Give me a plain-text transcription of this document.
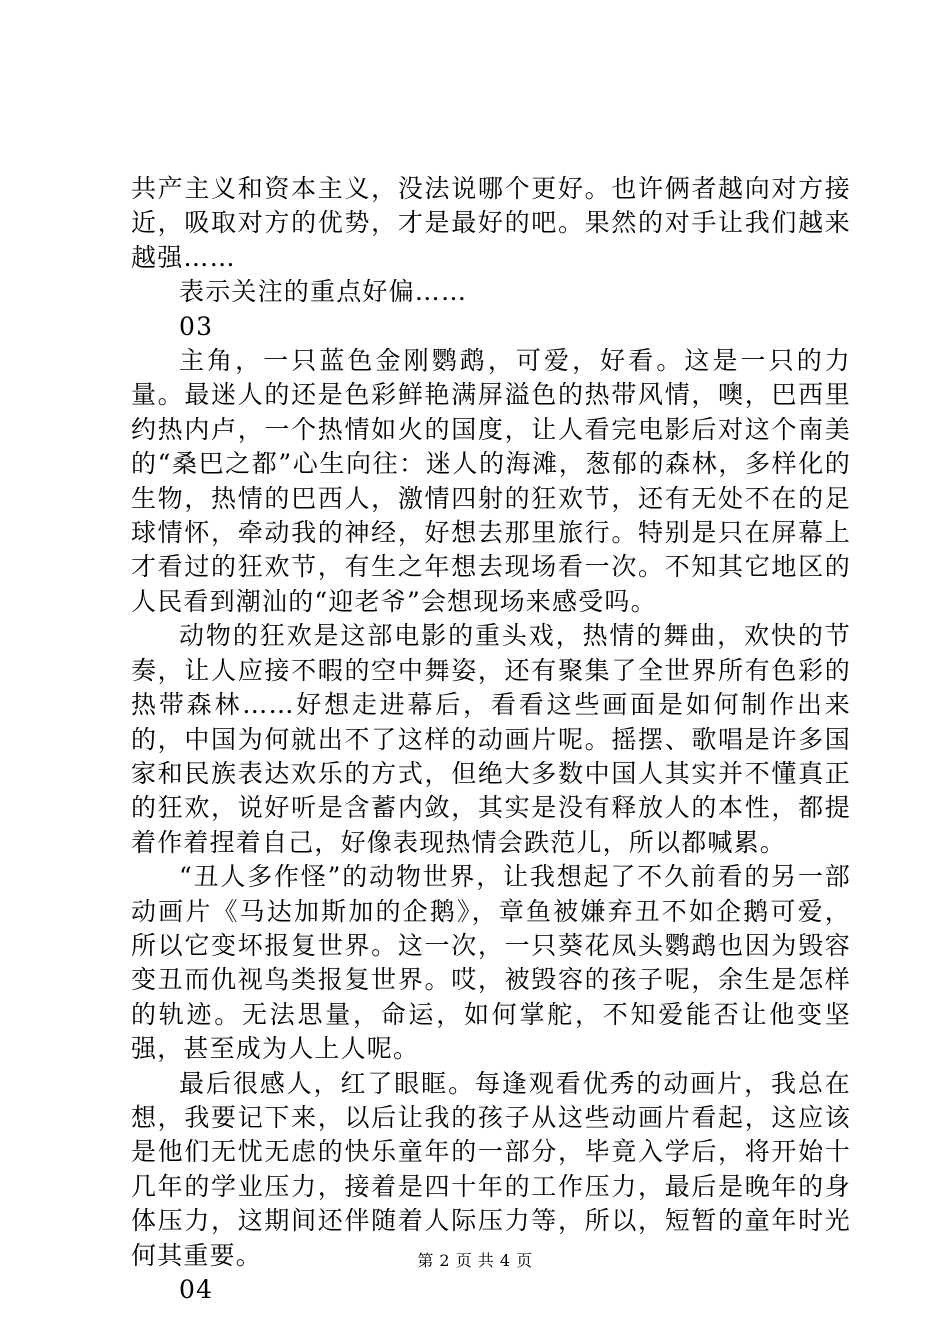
共产主义和资本主义，没法说哪个更好。也许俩者越向对方接近，吸取对方的优势，才是最好的吧。果然的对手让我们越来越强……

表示关注的重点好偏……

03

主角，一只蓝色金刚鹦鹉，可爱，好看。这是一只的力量。最迷人的还是色彩鲜艳满屏溢色的热带风情，噢，巴西里约热内卢，一个热情如火的国度，让人看完电影后对这个南美的“桑巴之都”心生向往：迷人的海滩，葱郁的森林，多样化的生物，热情的巴西人，激情四射的狂欢节，还有无处不在的足球情怀，牵动我的神经，好想去那里旅行。特别是只在屏幕上才看过的狂欢节，有生之年想去现场看一次。不知其它地区的人民看到潮汕的“迎老爷”会想现场来感受吗。

动物的狂欢是这部电影的重头戏，热情的舞曲，欢快的节奏，让人应接不暇的空中舞姿，还有聚集了全世界所有色彩的热带森林……好想走进幕后，看看这些画面是如何制作出来的，中国为何就出不了这样的动画片呢。摇摆、歌唱是许多国家和民族表达欢乐的方式，但绝大多数中国人其实并不懂真正的狂欢，说好听是含蓄内敛，其实是没有释放人的本性，都提着作着捏着自己，好像表现热情会跌范儿，所以都喊累。

“丑人多作怪”的动物世界，让我想起了不久前看的另一部动画片《马达加斯加的企鹅》，章鱼被嫌弃丑不如企鹅可爱，所以它变坏报复世界。这一次，一只葵花凤头鹦鹉也因为毁容变丑而仇视鸟类报复世界。哎，被毁容的孩子呢，余生是怎样的轨迹。无法思量，命运，如何掌舵，不知爱能否让他变坚强，甚至成为人上人呢。

最后很感人，红了眼眶。每逢观看优秀的动画片，我总在想，我要记下来，以后让我的孩子从这些动画片看起，这应该是他们无忧无虑的快乐童年的一部分，毕竟入学后，将开始十几年的学业压力，接着是四十年的工作压力，最后是晚年的身体压力，这期间还伴随着人际压力等，所以，短暂的童年时光何其重要。

04

第 2 页 共 4 页
